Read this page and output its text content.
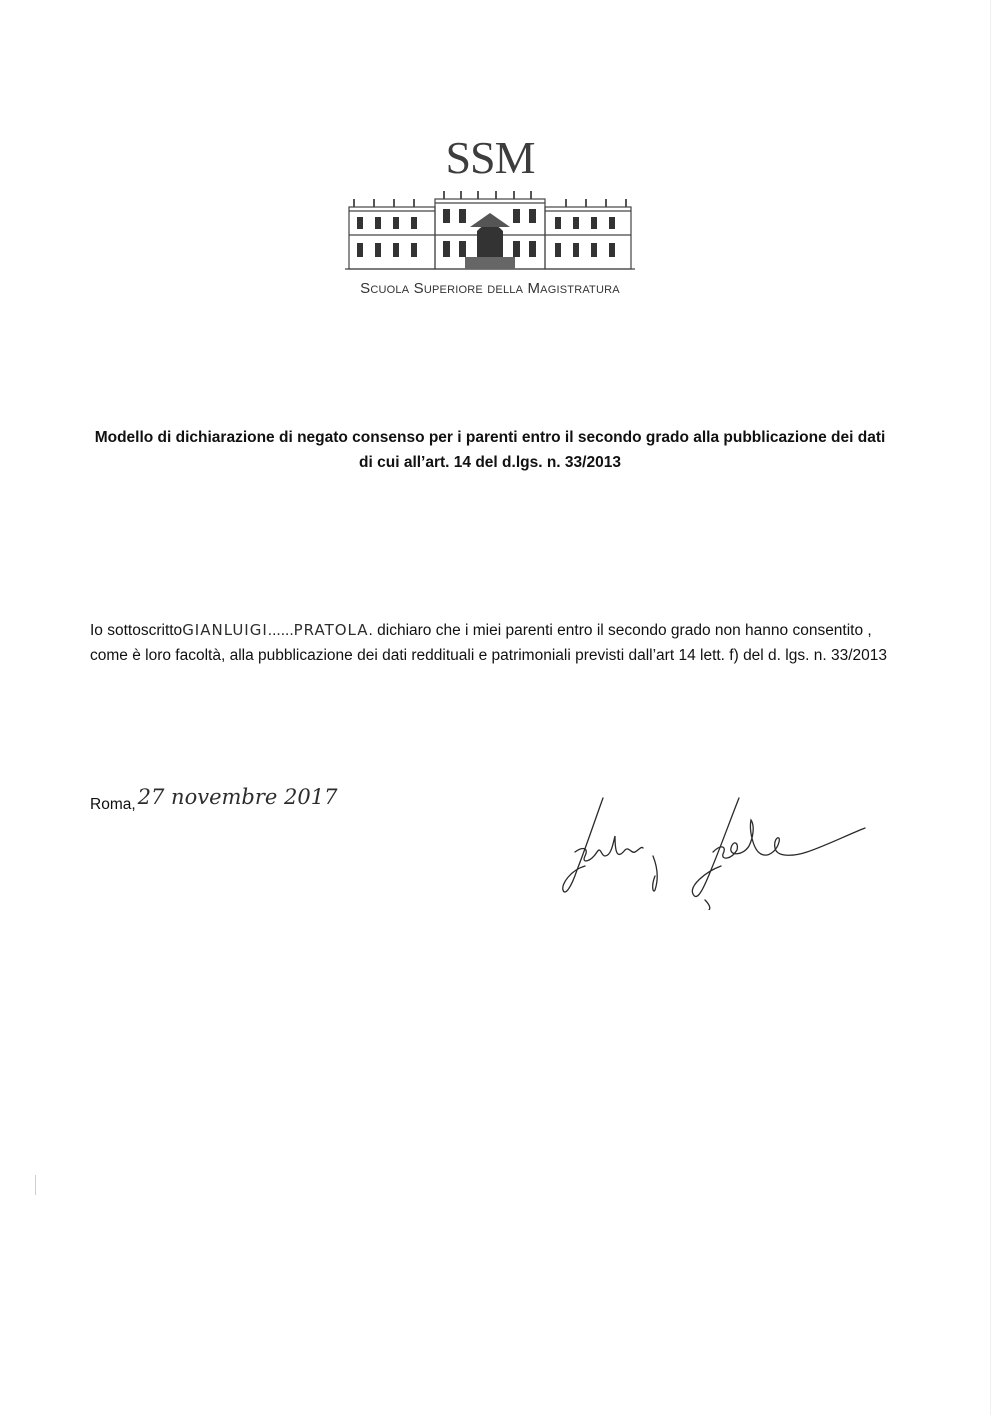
SSM
Scuola Superiore della Magistratura

Modello di dichiarazione di negato consenso per i parenti entro il secondo grado alla pubblicazione dei dati di cui all’art. 14 del d.lgs. n. 33/2013

Io sottoscrittoGIANLUIGI......PRATOLA. dichiaro che i miei parenti entro il secondo grado non hanno consentito , come è loro facoltà, alla pubblicazione dei dati reddituali e patrimoniali previsti dall’art 14 lett. f) del d. lgs. n. 33/2013

Roma,27 novembre 2017
